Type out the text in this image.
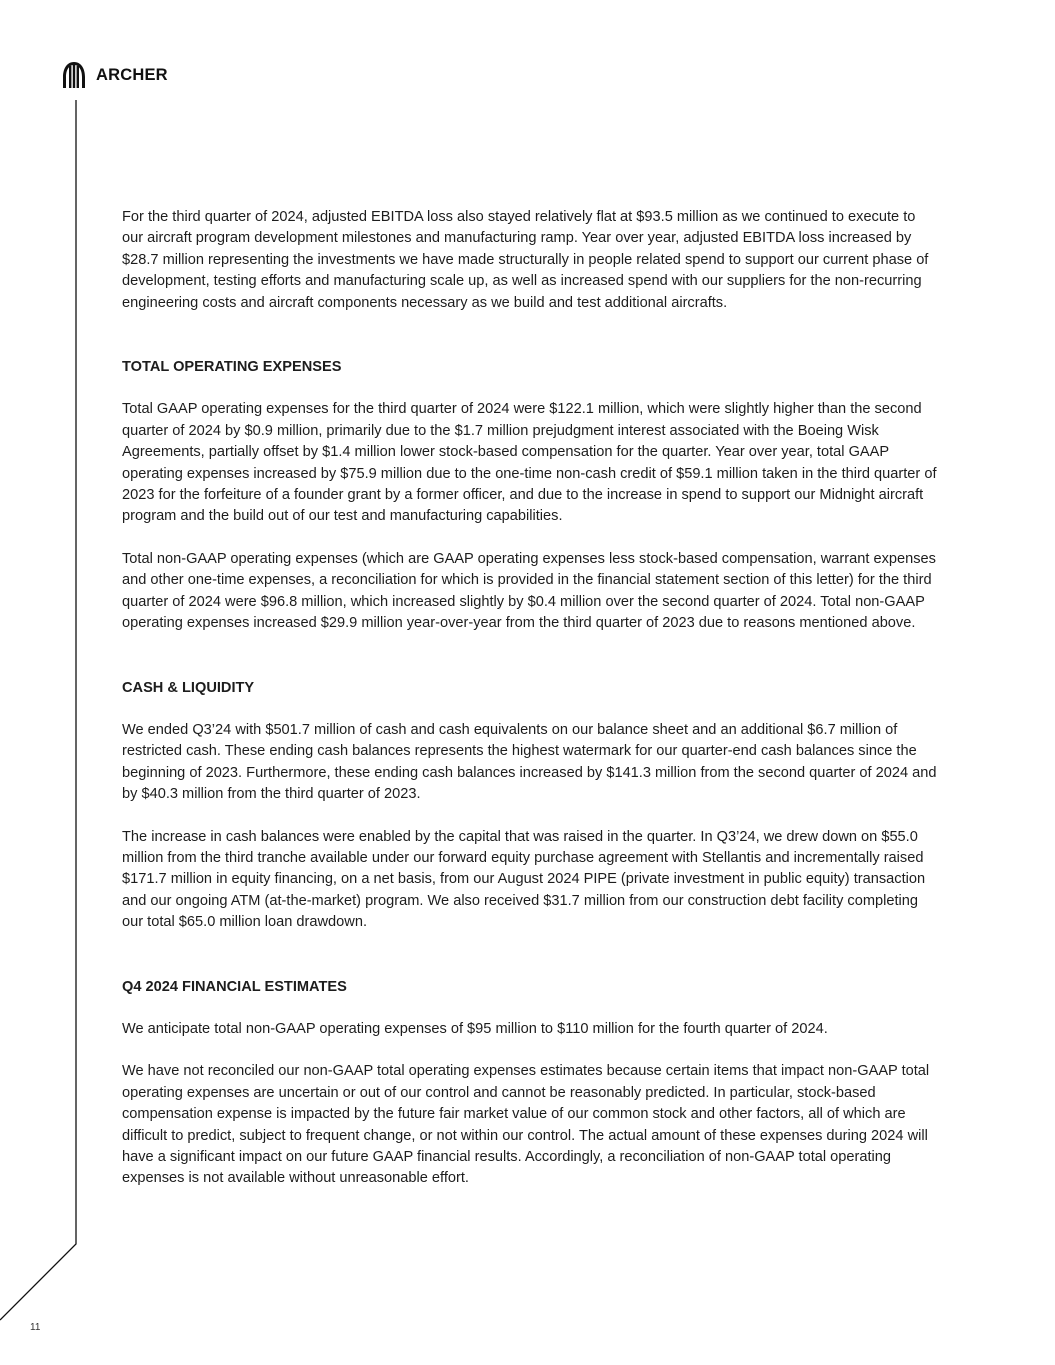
ARCHER

For the third quarter of 2024, adjusted EBITDA loss also stayed relatively flat at $93.5 million as we continued to execute to our aircraft program development milestones and manufacturing ramp. Year over year, adjusted EBITDA loss increased by $28.7 million representing the investments we have made structurally in people related spend to support our current phase of development, testing efforts and manufacturing scale up, as well as increased spend with our suppliers for the non-recurring engineering costs and aircraft components necessary as we build and test additional aircrafts.

TOTAL OPERATING EXPENSES

Total GAAP operating expenses for the third quarter of 2024 were $122.1 million, which were slightly higher than the second quarter of 2024 by $0.9 million, primarily due to the $1.7 million prejudgment interest associated with the Boeing Wisk Agreements, partially offset by $1.4 million lower stock-based compensation for the quarter. Year over year, total GAAP operating expenses increased by $75.9 million due to the one-time non-cash credit of $59.1 million taken in the third quarter of 2023 for the forfeiture of a founder grant by a former officer, and due to the increase in spend to support our Midnight aircraft program and the build out of our test and manufacturing capabilities.

Total non-GAAP operating expenses (which are GAAP operating expenses less stock-based compensation, warrant expenses and other one-time expenses, a reconciliation for which is provided in the financial statement section of this letter) for the third quarter of 2024 were $96.8 million, which increased slightly by $0.4 million over the second quarter of 2024. Total non-GAAP operating expenses increased $29.9 million year-over-year from the third quarter of 2023 due to reasons mentioned above.

CASH & LIQUIDITY

We ended Q3’24 with $501.7 million of cash and cash equivalents on our balance sheet and an additional $6.7 million of restricted cash. These ending cash balances represents the highest watermark for our quarter-end cash balances since the beginning of 2023. Furthermore, these ending cash balances increased by $141.3 million from the second quarter of 2024 and by $40.3 million from the third quarter of 2023.

The increase in cash balances were enabled by the capital that was raised in the quarter. In Q3’24, we drew down on $55.0 million from the third tranche available under our forward equity purchase agreement with Stellantis and incrementally raised $171.7 million in equity financing, on a net basis, from our August 2024 PIPE (private investment in public equity) transaction and our ongoing ATM (at-the-market) program. We also received $31.7 million from our construction debt facility completing our total $65.0 million loan drawdown.

Q4 2024 FINANCIAL ESTIMATES

We anticipate total non-GAAP operating expenses of $95 million to $110 million for the fourth quarter of 2024.

We have not reconciled our non-GAAP total operating expenses estimates because certain items that impact non-GAAP total operating expenses are uncertain or out of our control and cannot be reasonably predicted. In particular, stock-based compensation expense is impacted by the future fair market value of our common stock and other factors, all of which are difficult to predict, subject to frequent change, or not within our control. The actual amount of these expenses during 2024 will have a significant impact on our future GAAP financial results. Accordingly, a reconciliation of non-GAAP total operating expenses is not available without unreasonable effort.

11
